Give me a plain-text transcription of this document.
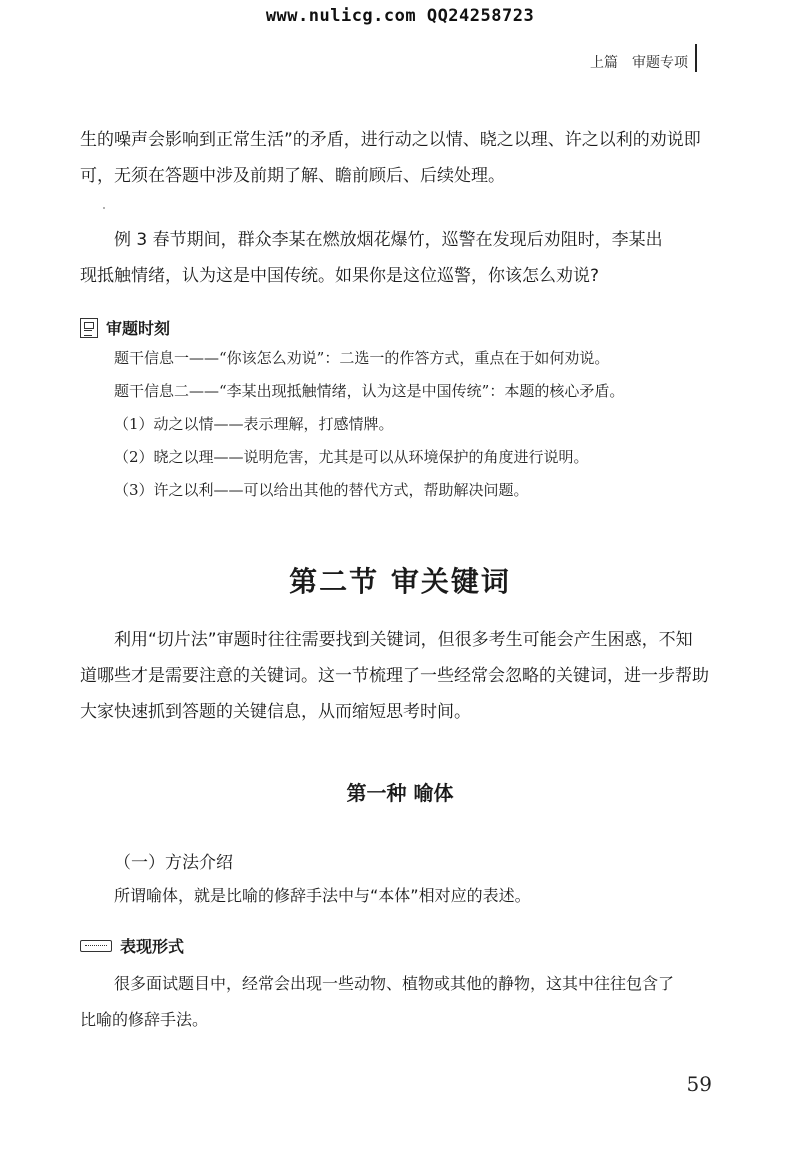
www.nulicg.com QQ24258723
上篇 审题专项
生的噪声会影响到正常生活”的矛盾，进行动之以情、晓之以理、许之以利的劝说即
可，无须在答题中涉及前期了解、瞻前顾后、后续处理。
例 3 春节期间，群众李某在燃放烟花爆竹，巡警在发现后劝阻时，李某出
现抵触情绪，认为这是中国传统。如果你是这位巡警，你该怎么劝说?
审题时刻
题干信息一——“你该怎么劝说”：二选一的作答方式，重点在于如何劝说。
题干信息二——“李某出现抵触情绪，认为这是中国传统”：本题的核心矛盾。
（1）动之以情——表示理解，打感情牌。
（2）晓之以理——说明危害，尤其是可以从环境保护的角度进行说明。
（3）许之以利——可以给出其他的替代方式，帮助解决问题。
第二节 审关键词
利用“切片法”审题时往往需要找到关键词，但很多考生可能会产生困惑，不知
道哪些才是需要注意的关键词。这一节梳理了一些经常会忽略的关键词，进一步帮助
大家快速抓到答题的关键信息，从而缩短思考时间。
第一种 喻体
（一）方法介绍
所谓喻体，就是比喻的修辞手法中与“本体”相对应的表述。
表现形式
很多面试题目中，经常会出现一些动物、植物或其他的静物，这其中往往包含了
比喻的修辞手法。
59
